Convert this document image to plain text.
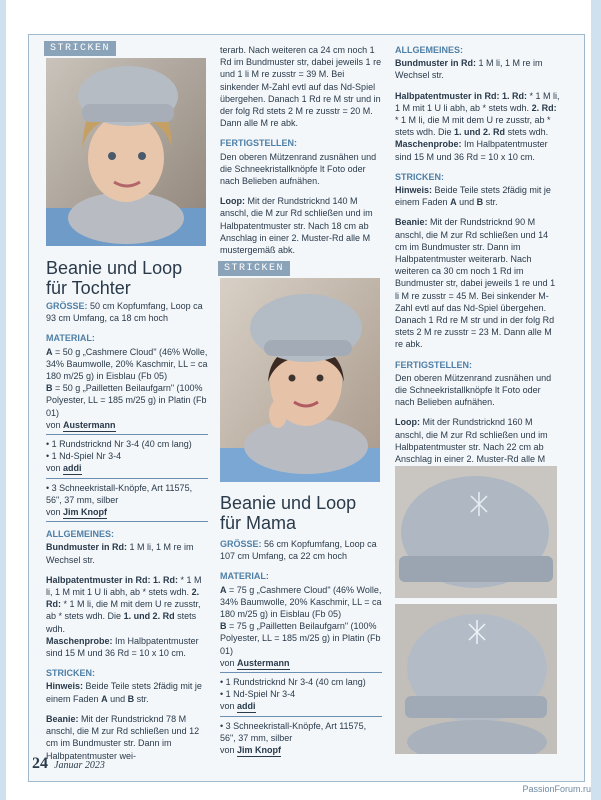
STRICKEN
Beanie und Loop
für Tochter

GRÖSSE: 50 cm Kopfumfang, Loop ca 93 cm Umfang, ca 18 cm hoch

MATERIAL:
A = 50 g „Cashmere Cloud" (46% Wolle, 34% Baumwolle, 20% Kaschmir, LL = ca 180 m/25 g) in Eisblau (Fb 05)
B = 50 g „Pailletten Beilaufgarn" (100% Polyester, LL = 185 m/25 g) in Platin (Fb 01)
von Austermann
• 1 Rundstricknd Nr 3-4 (40 cm lang)
• 1 Nd-Spiel Nr 3-4
von addi
• 3 Schneekristall-Knöpfe, Art 11575, 56", 37 mm, silber
von Jim Knopf
ALLGEMEINES:

Bundmuster in Rd: 1 M li, 1 M re im Wechsel str.

Halbpatentmuster in Rd: 1. Rd: * 1 M li, 1 M mit 1 U li abh, ab * stets wdh. 2. Rd: * 1 M li, die M mit dem U re zusstr, ab * stets wdh. Die 1. und 2. Rd stets wdh.

Maschenprobe: Im Halbpatentmuster sind 15 M und 36 Rd = 10 x 10 cm.

STRICKEN:

Hinweis: Beide Teile stets 2fädig mit je einem Faden A und B str.

Beanie: Mit der Rundstricknd 78 M anschl, die M zur Rd schließen und 12 cm im Bundmuster str. Dann im Halbpatentmuster wei-

terarb. Nach weiteren ca 24 cm noch 1 Rd im Bundmuster str, dabei jeweils 1 re und 1 li M re zusstr = 39 M. Bei sinkender M-Zahl evtl auf das Nd-Spiel übergehen. Danach 1 Rd re M str und in der folg Rd stets 2 M re zusstr = 20 M. Dann alle M re abk.

FERTIGSTELLEN:

Den oberen Mützenrand zusnähen und die Schneekristallknöpfe lt Foto oder nach Belieben aufnähen.

Loop: Mit der Rundstricknd 140 M anschl, die M zur Rd schließen und im Halbpatentmuster str. Nach 18 cm ab Anschlag in einer 2. Muster-Rd alle M mustergemäß abk.

STRICKEN
Beanie und Loop
für Mama

GRÖSSE: 56 cm Kopfumfang, Loop ca 107 cm Umfang, ca 22 cm hoch

MATERIAL:
A = 75 g „Cashmere Cloud" (46% Wolle, 34% Baumwolle, 20% Kaschmir, LL = ca 180 m/25 g) in Eisblau (Fb 05)
B = 75 g „Pailletten Beilaufgarn" (100% Polyester, LL = 185 m/25 g) in Platin (Fb 01)
von Austermann
• 1 Rundstricknd Nr 3-4 (40 cm lang)
• 1 Nd-Spiel Nr 3-4
von addi
• 3 Schneekristall-Knöpfe, Art 11575, 56", 37 mm, silber
von Jim Knopf
ALLGEMEINES:

Bundmuster in Rd: 1 M li, 1 M re im Wechsel str.

Halbpatentmuster in Rd: 1. Rd: * 1 M li, 1 M mit 1 U li abh, ab * stets wdh. 2. Rd: * 1 M li, die M mit dem U re zusstr, ab * stets wdh. Die 1. und 2. Rd stets wdh.

Maschenprobe: Im Halbpatentmuster sind 15 M und 36 Rd = 10 x 10 cm.

STRICKEN:

Hinweis: Beide Teile stets 2fädig mit je einem Faden A und B str.

Beanie: Mit der Rundstricknd 90 M anschl, die M zur Rd schließen und 14 cm im Bundmuster str. Dann im Halbpatentmuster weiterarb. Nach weiteren ca 30 cm noch 1 Rd im Bundmuster str, dabei jeweils 1 re und 1 li M re zusstr = 45 M. Bei sinkender M-Zahl evtl auf das Nd-Spiel übergehen. Danach 1 Rd re M str und in der folg Rd stets 2 M re zusstr = 23 M. Dann alle M re abk.

FERTIGSTELLEN:

Den oberen Mützenrand zusnähen und die Schneekristallknöpfe lt Foto oder nach Belieben aufnähen.

Loop: Mit der Rundstricknd 160 M anschl, die M zur Rd schließen und im Halbpatentmuster str. Nach 22 cm ab Anschlag in einer 2. Muster-Rd alle M

24 Januar 2023
PassionForum.ru
